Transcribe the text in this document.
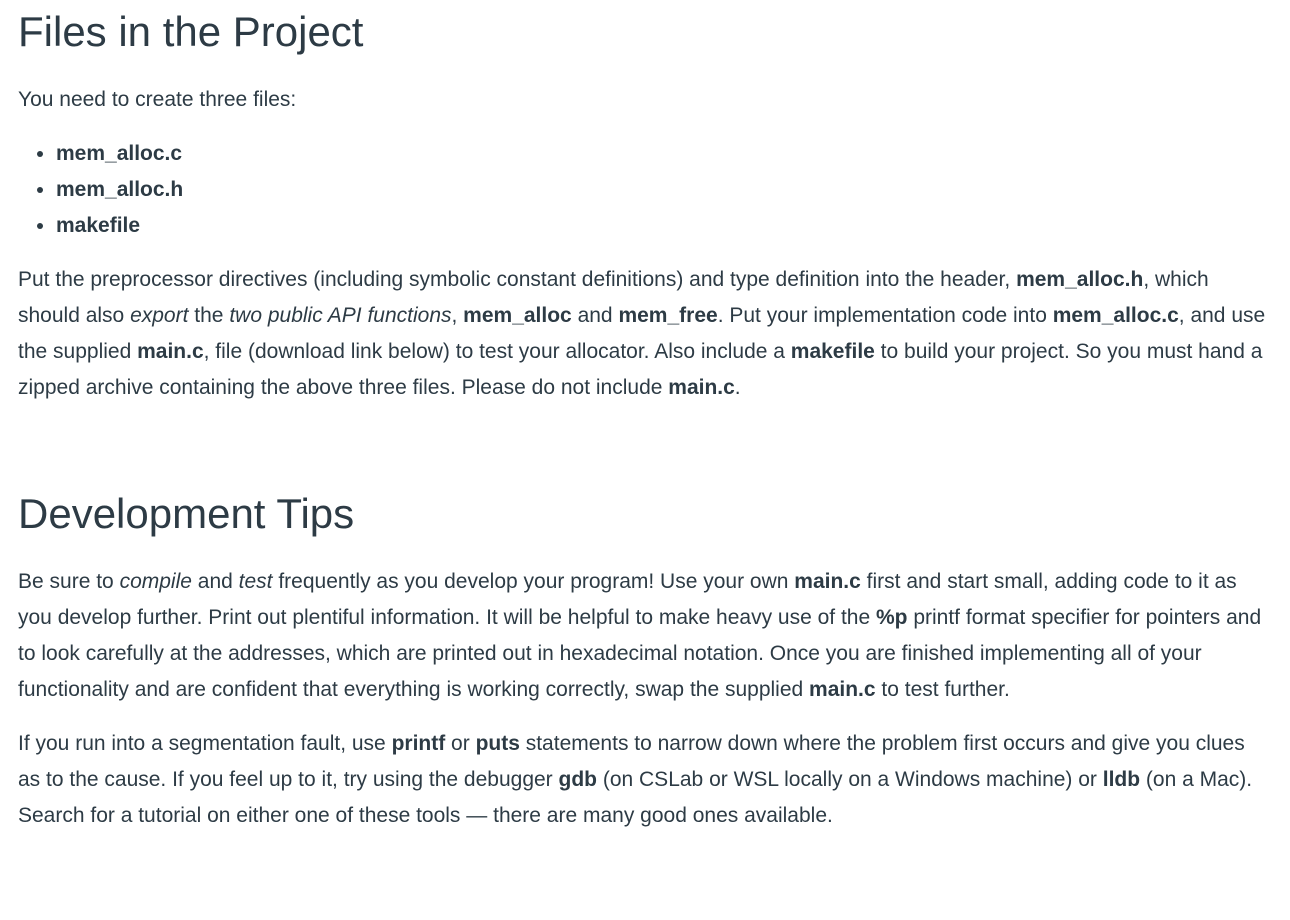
Files in the Project

You need to create three files:

• mem_alloc.c
• mem_alloc.h
• makefile

Put the preprocessor directives (including symbolic constant definitions) and type definition into the header, mem_alloc.h, which should also export the two public API functions, mem_alloc and mem_free. Put your implementation code into mem_alloc.c, and use the supplied main.c, file (download link below) to test your allocator. Also include a makefile to build your project. So you must hand a zipped archive containing the above three files. Please do not include main.c.

Development Tips

Be sure to compile and test frequently as you develop your program! Use your own main.c first and start small, adding code to it as you develop further. Print out plentiful information. It will be helpful to make heavy use of the %p printf format specifier for pointers and to look carefully at the addresses, which are printed out in hexadecimal notation. Once you are finished implementing all of your functionality and are confident that everything is working correctly, swap the supplied main.c to test further.

If you run into a segmentation fault, use printf or puts statements to narrow down where the problem first occurs and give you clues as to the cause. If you feel up to it, try using the debugger gdb (on CSLab or WSL locally on a Windows machine) or lldb (on a Mac). Search for a tutorial on either one of these tools — there are many good ones available.
